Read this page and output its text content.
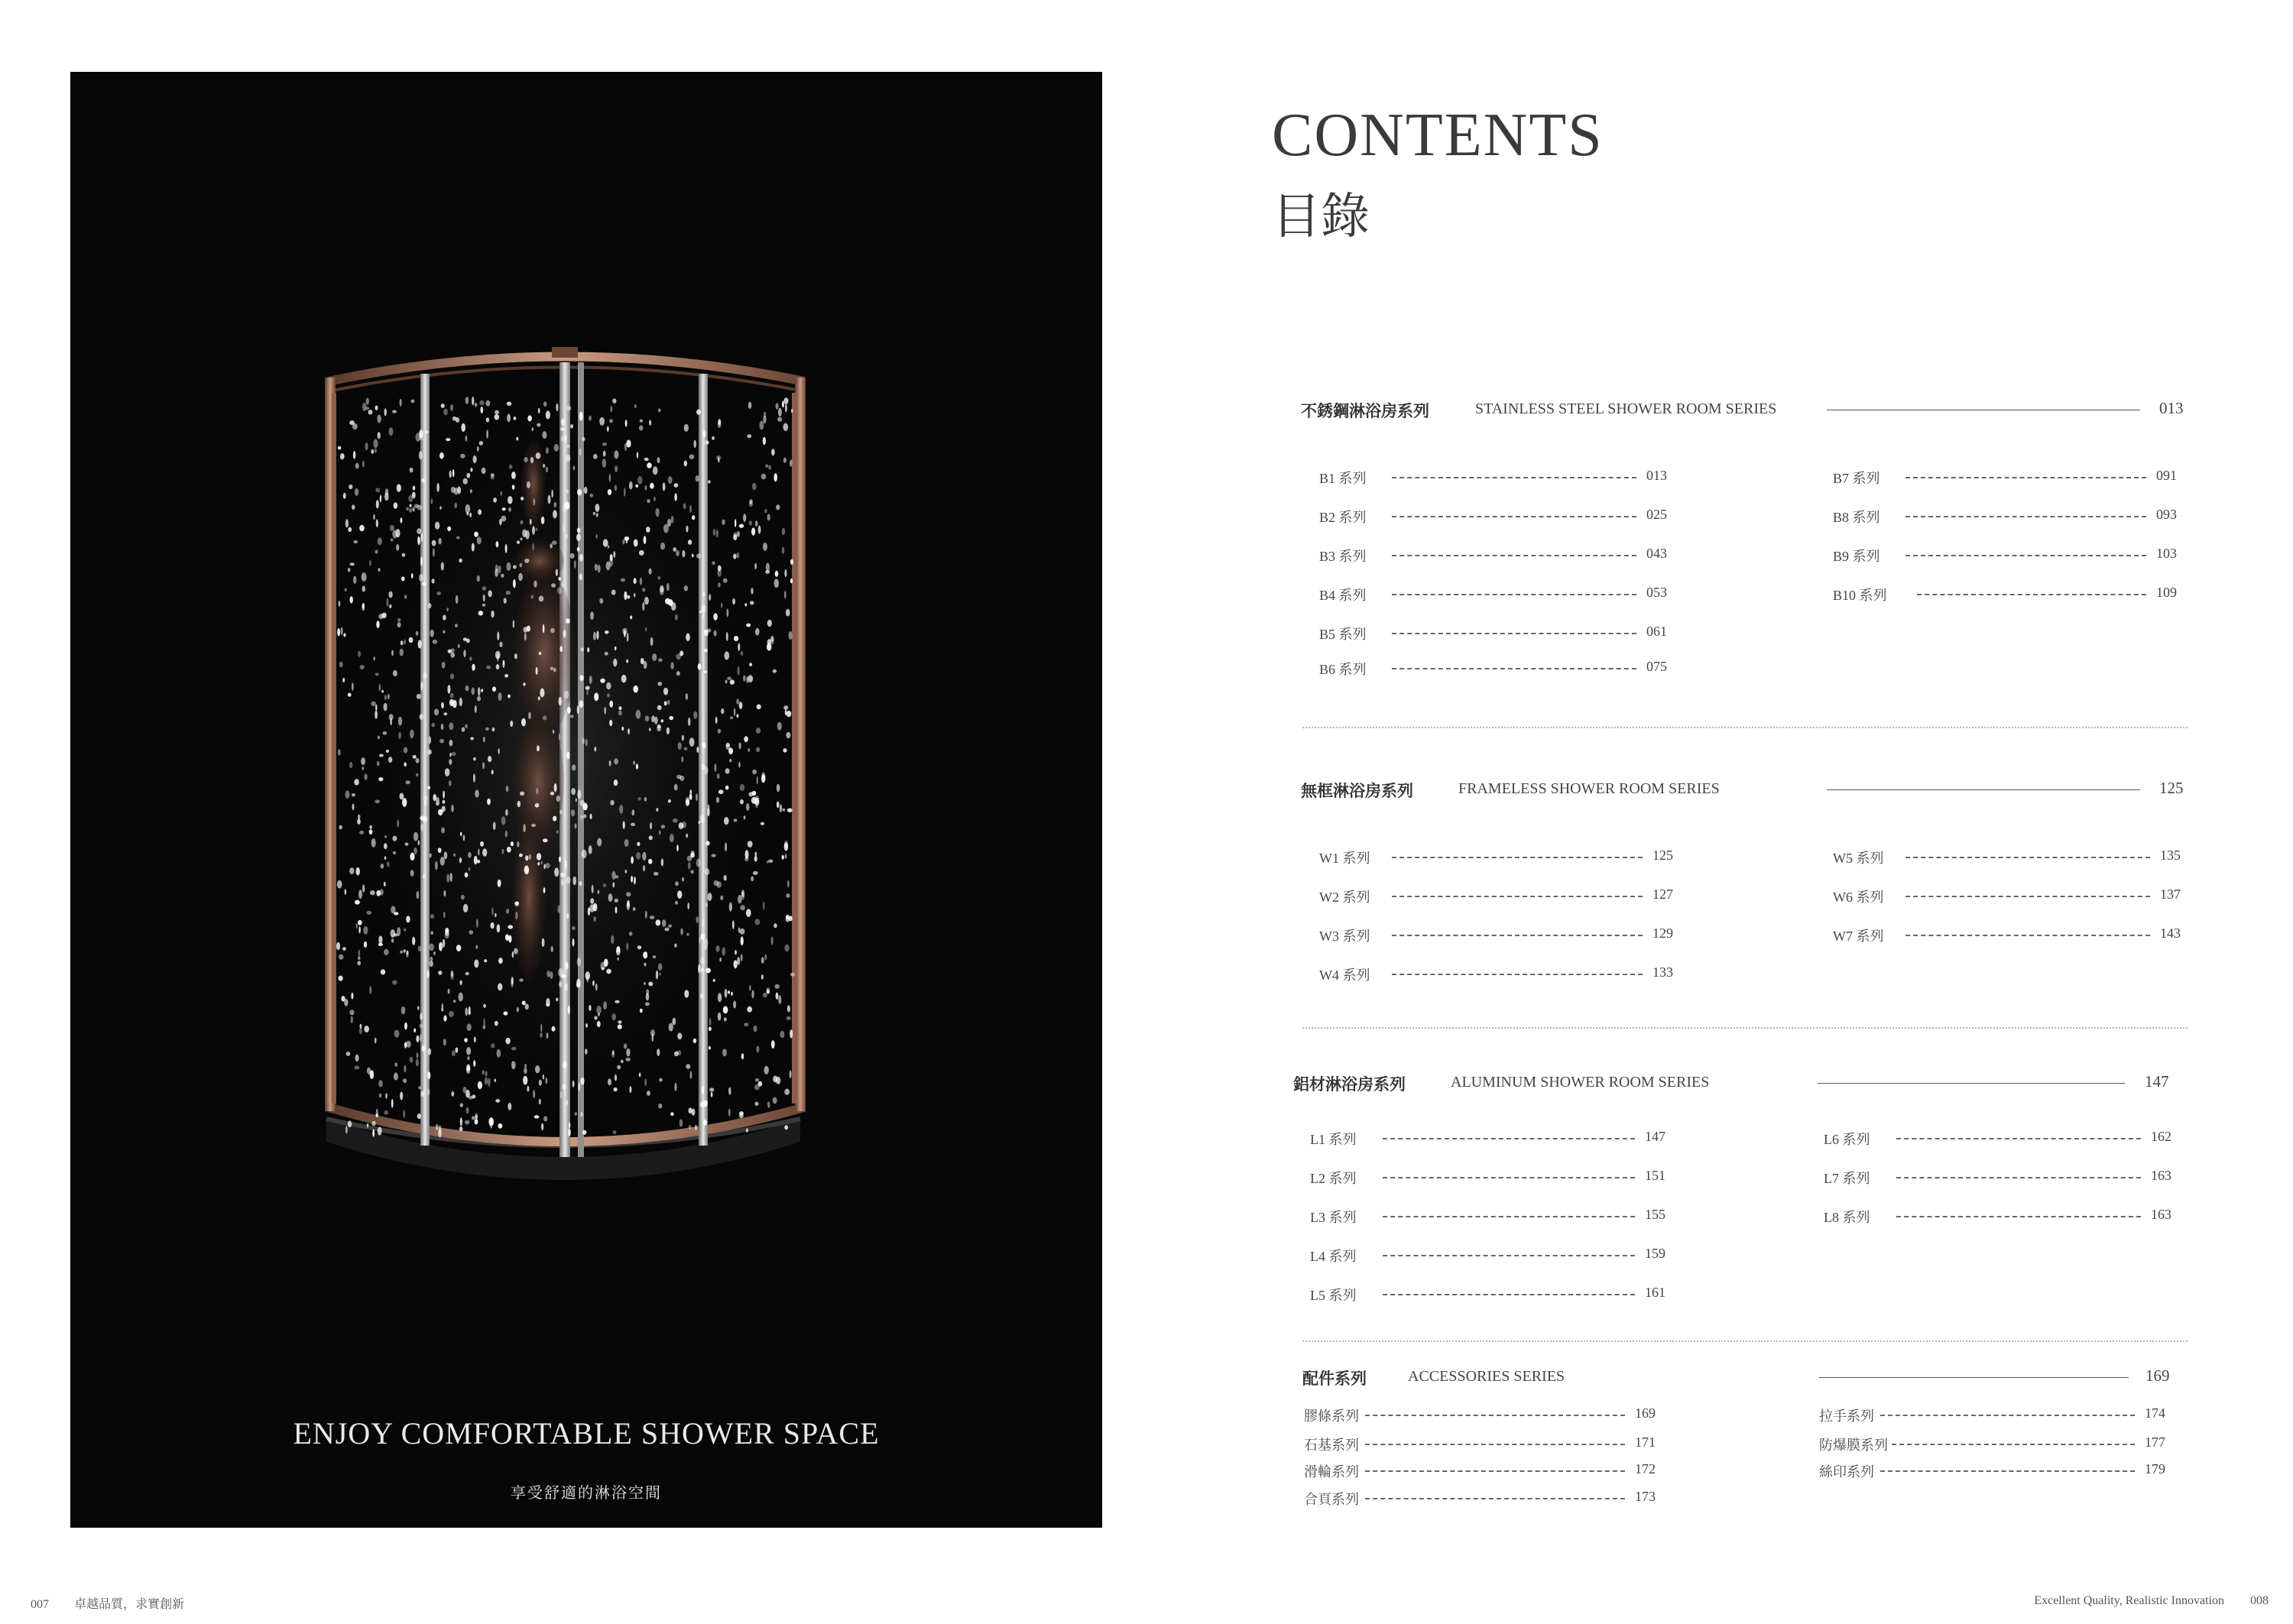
ENJOY COMFORTABLE SHOWER SPACE
享受舒適的淋浴空間
CONTENTS
目錄
不銹鋼淋浴房系列	STAINLESS STEEL SHOWER ROOM SERIES	013
B1 系列	013
B2 系列	025
B3 系列	043
B4 系列	053
B5 系列	061
B6 系列	075
B7 系列	091
B8 系列	093
B9 系列	103
B10 系列	109
無框淋浴房系列	FRAMELESS SHOWER ROOM SERIES	125
W1 系列	125
W2 系列	127
W3 系列	129
W4 系列	133
W5 系列	135
W6 系列	137
W7 系列	143
鋁材淋浴房系列	ALUMINUM SHOWER ROOM SERIES	147
L1 系列	147
L2 系列	151
L3 系列	155
L4 系列	159
L5 系列	161
L6 系列	162
L7 系列	163
L8 系列	163
配件系列	ACCESSORIES SERIES	169
膠條系列	169
石基系列	171
滑輪系列	172
合頁系列	173
拉手系列	174
防爆膜系列	177
絲印系列	179
007 卓越品質，求實創新	Excellent Quality, Realistic Innovation 008
